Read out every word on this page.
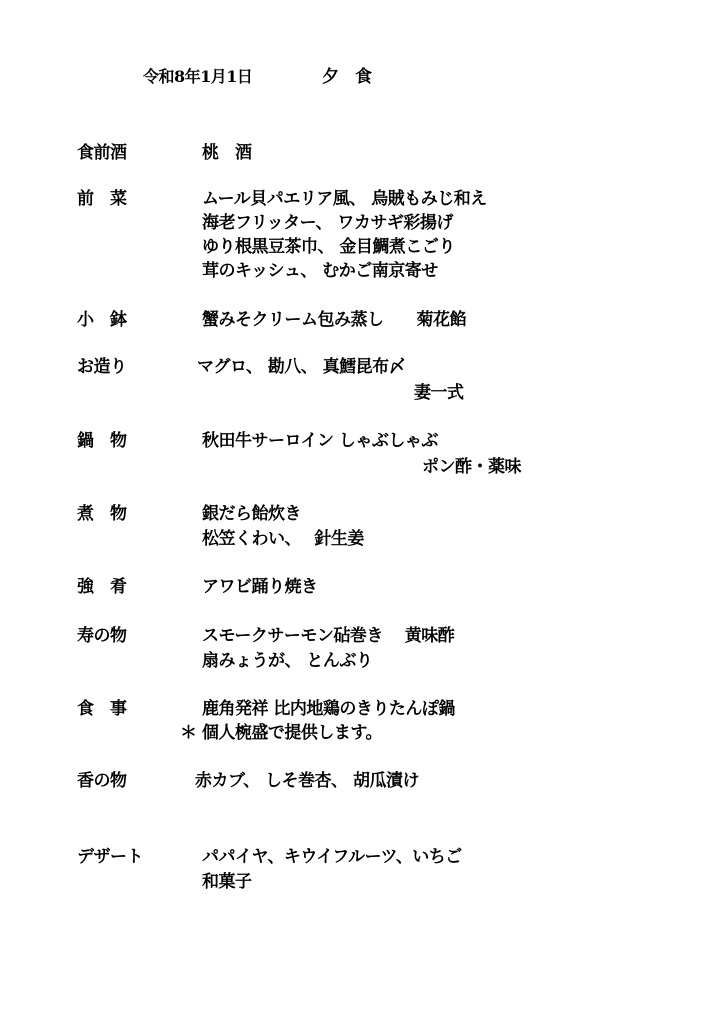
令和8年1月1日	夕　食
食前酒	桃　酒
前　菜	ムール貝パエリア風、 烏賊もみじ和え
海老フリッター、 ワカサギ彩揚げ
ゆり根黒豆茶巾、 金目鯛煮こごり
茸のキッシュ、 むかご南京寄せ
小　鉢	蟹みそクリーム包み蒸し　　菊花餡
お造り	マグロ、 勘八、 真鱈昆布〆
妻一式
鍋　物	秋田牛サーロイン しゃぶしゃぶ
ポン酢・薬味
煮　物	銀だら飴炊き
松笠くわい、　 針生姜
強　肴	アワビ踊り焼き
寿の物	スモークサーモン砧巻き　 黄味酢
扇みょうが、 とんぶり
食　事	鹿角発祥 比内地鶏のきりたんぽ鍋
＊ 個人椀盛で提供します。
香の物	赤カブ、 しそ巻杏、 胡瓜漬け
デザート	パパイヤ、キウイフルーツ、いちご
和菓子
